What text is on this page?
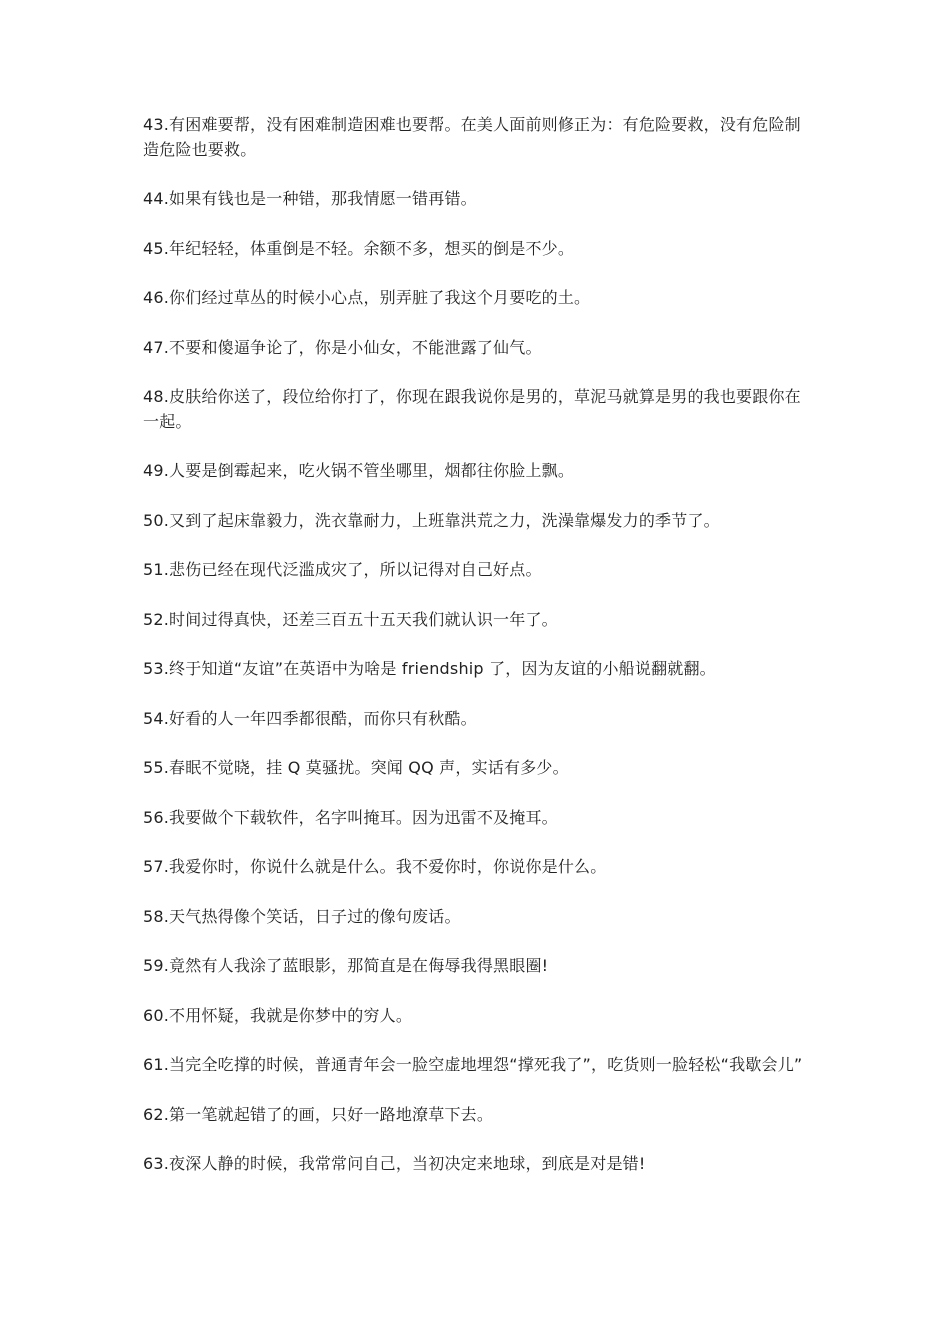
43.有困难要帮，没有困难制造困难也要帮。在美人面前则修正为：有危险要救，没有危险制造危险也要救。

44.如果有钱也是一种错，那我情愿一错再错。

45.年纪轻轻，体重倒是不轻。余额不多，想买的倒是不少。

46.你们经过草丛的时候小心点，别弄脏了我这个月要吃的土。

47.不要和傻逼争论了，你是小仙女，不能泄露了仙气。

48.皮肤给你送了，段位给你打了，你现在跟我说你是男的，草泥马就算是男的我也要跟你在一起。

49.人要是倒霉起来，吃火锅不管坐哪里，烟都往你脸上飘。

50.又到了起床靠毅力，洗衣靠耐力，上班靠洪荒之力，洗澡靠爆发力的季节了。

51.悲伤已经在现代泛滥成灾了，所以记得对自己好点。

52.时间过得真快，还差三百五十五天我们就认识一年了。

53.终于知道“友谊”在英语中为啥是 friendship 了，因为友谊的小船说翻就翻。

54.好看的人一年四季都很酷，而你只有秋酷。

55.春眠不觉晓，挂 Q 莫骚扰。突闻 QQ 声，实话有多少。

56.我要做个下载软件，名字叫掩耳。因为迅雷不及掩耳。

57.我爱你时，你说什么就是什么。我不爱你时，你说你是什么。

58.天气热得像个笑话，日子过的像句废话。

59.竟然有人我涂了蓝眼影，那简直是在侮辱我得黑眼圈!

60.不用怀疑，我就是你梦中的穷人。

61.当完全吃撑的时候，普通青年会一脸空虚地埋怨“撑死我了”，吃货则一脸轻松“我歇会儿”

62.第一笔就起错了的画，只好一路地潦草下去。

63.夜深人静的时候，我常常问自己，当初决定来地球，到底是对是错!
